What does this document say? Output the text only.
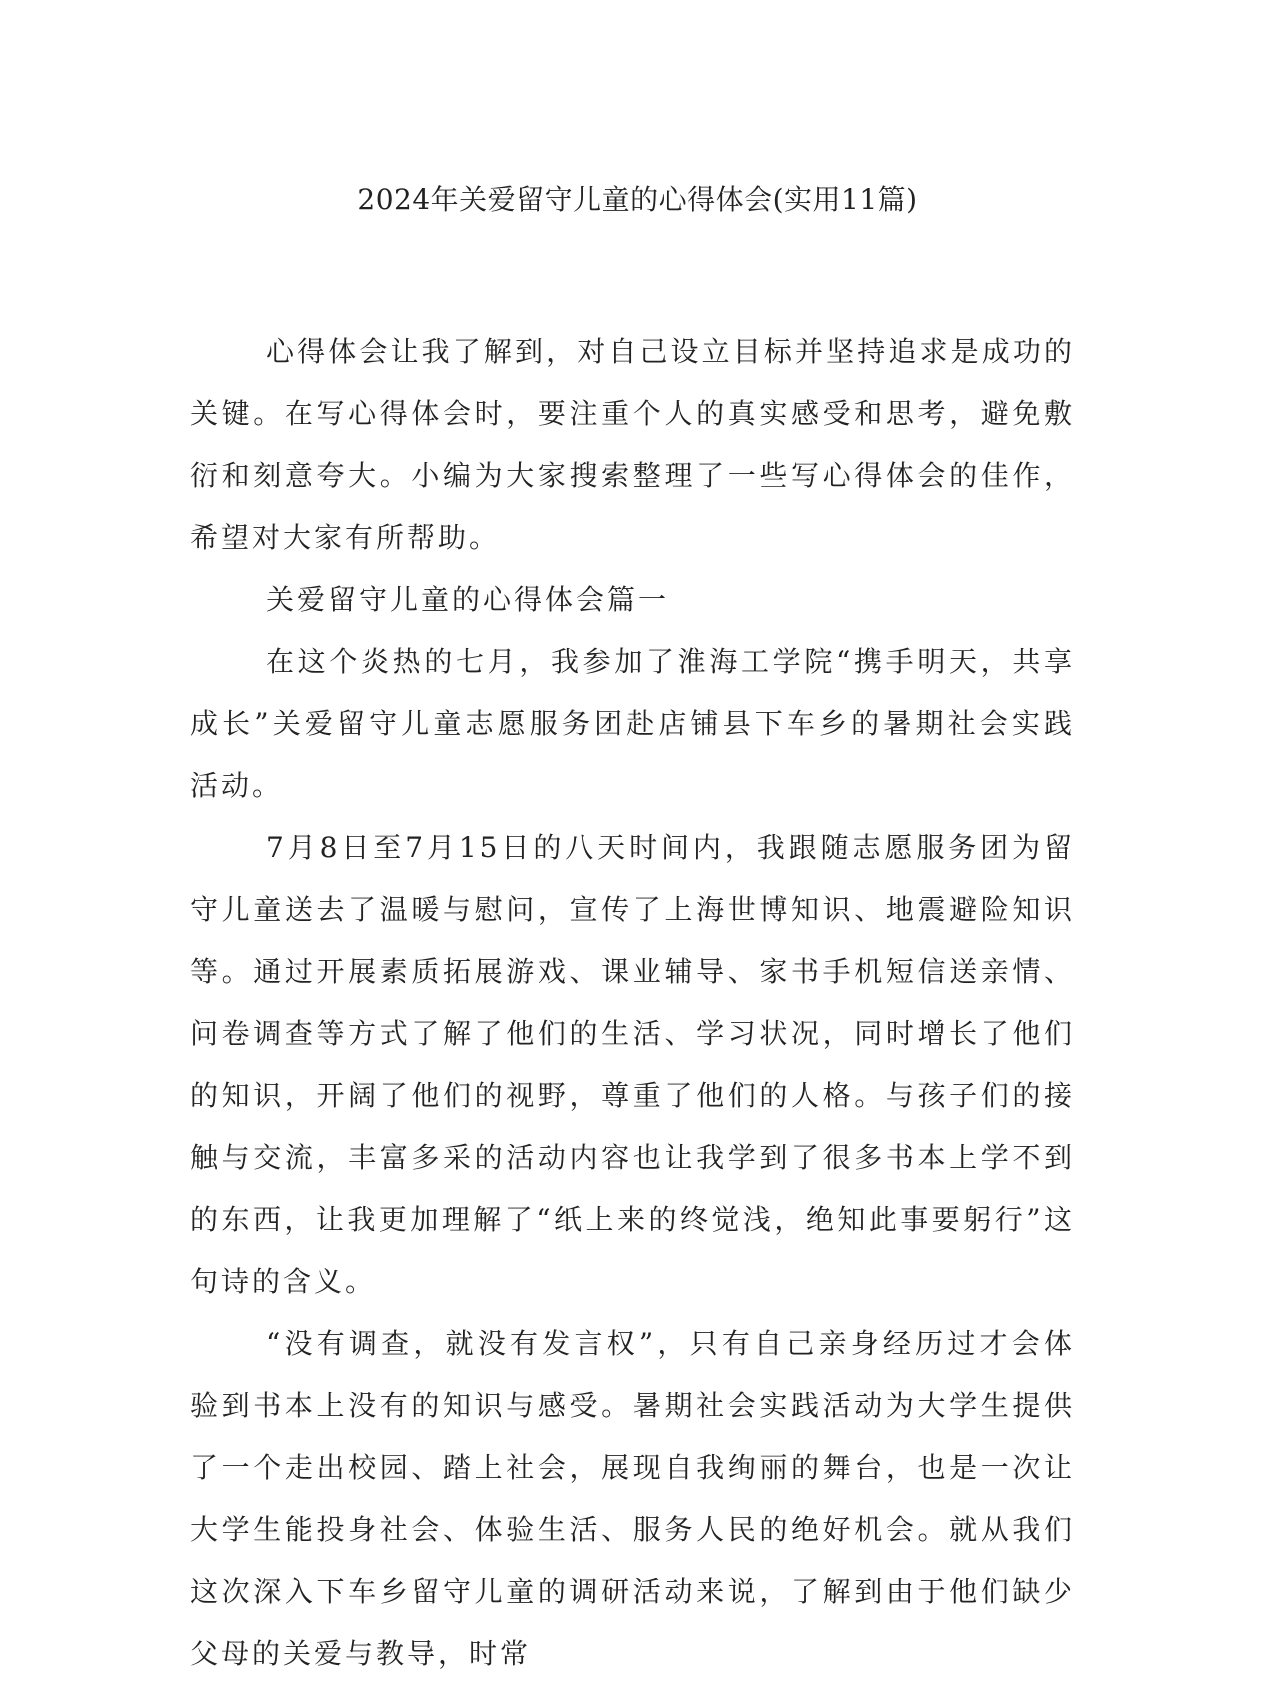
2024年关爱留守儿童的心得体会(实用11篇)

心得体会让我了解到，对自己设立目标并坚持追求是成功的关键。在写心得体会时，要注重个人的真实感受和思考，避免敷衍和刻意夸大。小编为大家搜索整理了一些写心得体会的佳作，希望对大家有所帮助。

关爱留守儿童的心得体会篇一

在这个炎热的七月，我参加了淮海工学院“携手明天，共享成长”关爱留守儿童志愿服务团赴店铺县下车乡的暑期社会实践活动。

7月8日至7月15日的八天时间内，我跟随志愿服务团为留守儿童送去了温暖与慰问，宣传了上海世博知识、地震避险知识等。通过开展素质拓展游戏、课业辅导、家书手机短信送亲情、问卷调查等方式了解了他们的生活、学习状况，同时增长了他们的知识，开阔了他们的视野，尊重了他们的人格。与孩子们的接触与交流，丰富多采的活动内容也让我学到了很多书本上学不到的东西，让我更加理解了“纸上来的终觉浅，绝知此事要躬行”这句诗的含义。

“没有调查，就没有发言权”，只有自己亲身经历过才会体验到书本上没有的知识与感受。暑期社会实践活动为大学生提供了一个走出校园、踏上社会，展现自我绚丽的舞台，也是一次让大学生能投身社会、体验生活、服务人民的绝好机会。就从我们这次深入下车乡留守儿童的调研活动来说，了解到由于他们缺少父母的关爱与教导，时常
